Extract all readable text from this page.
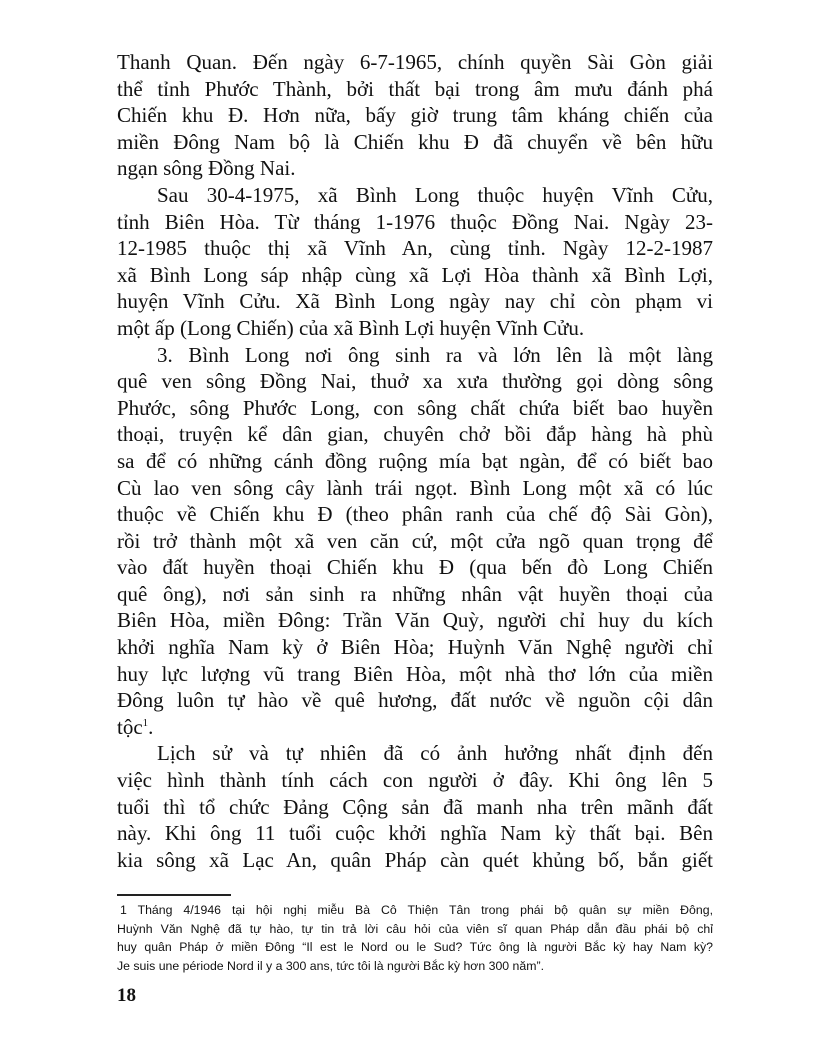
Thanh Quan. Đến ngày 6-7-1965, chính quyền Sài Gòn giải
thể tỉnh Phước Thành, bởi thất bại trong âm mưu đánh phá
Chiến khu Đ. Hơn nữa, bấy giờ trung tâm kháng chiến của
miền Đông Nam bộ là Chiến khu Đ đã chuyển về bên hữu
ngạn sông Đồng Nai.
Sau 30-4-1975, xã Bình Long thuộc huyện Vĩnh Cửu,
tỉnh Biên Hòa. Từ tháng 1-1976 thuộc Đồng Nai. Ngày 23-
12-1985 thuộc thị xã Vĩnh An, cùng tỉnh. Ngày 12-2-1987
xã Bình Long sáp nhập cùng xã Lợi Hòa thành xã Bình Lợi,
huyện Vĩnh Cửu. Xã Bình Long ngày nay chỉ còn phạm vi
một ấp (Long Chiến) của xã Bình Lợi huyện Vĩnh Cửu.
3. Bình Long nơi ông sinh ra và lớn lên là một làng
quê ven sông Đồng Nai, thuở xa xưa thường gọi dòng sông
Phước, sông Phước Long, con sông chất chứa biết bao huyền
thoại, truyện kể dân gian, chuyên chở bồi đắp hàng hà phù
sa để có những cánh đồng ruộng mía bạt ngàn, để có biết bao
Cù lao ven sông cây lành trái ngọt. Bình Long một xã có lúc
thuộc về Chiến khu Đ (theo phân ranh của chế độ Sài Gòn),
rồi trở thành một xã ven căn cứ, một cửa ngõ quan trọng để
vào đất huyền thoại Chiến khu Đ (qua bến đò Long Chiến
quê ông), nơi sản sinh ra những nhân vật huyền thoại của
Biên Hòa, miền Đông: Trần Văn Quỳ, người chỉ huy du kích
khởi nghĩa Nam kỳ ở Biên Hòa; Huỳnh Văn Nghệ người chỉ
huy lực lượng vũ trang Biên Hòa, một nhà thơ lớn của miền
Đông luôn tự hào về quê hương, đất nước về nguồn cội dân
tộc$^1$.
Lịch sử và tự nhiên đã có ảnh hưởng nhất định đến
việc hình thành tính cách con người ở đây. Khi ông lên 5
tuổi thì tổ chức Đảng Cộng sản đã manh nha trên mãnh đất
này. Khi ông 11 tuổi cuộc khởi nghĩa Nam kỳ thất bại. Bên
kia sông xã Lạc An, quân Pháp càn quét khủng bố, bắn giết
1 Tháng 4/1946 tại hội nghị miễu Bà Cô Thiện Tân trong phái bộ quân sự miền Đông,
Huỳnh Văn Nghệ đã tự hào, tự tin trả lời câu hỏi của viên sĩ quan Pháp dẫn đầu phái bộ chỉ
huy quân Pháp ở miền Đông “Il est le Nord ou le Sud? Tức ông là người Bắc kỳ hay Nam kỳ?
Je suis une période Nord il y a 300 ans, tức tôi là người Bắc kỳ hơn 300 năm”.
18
